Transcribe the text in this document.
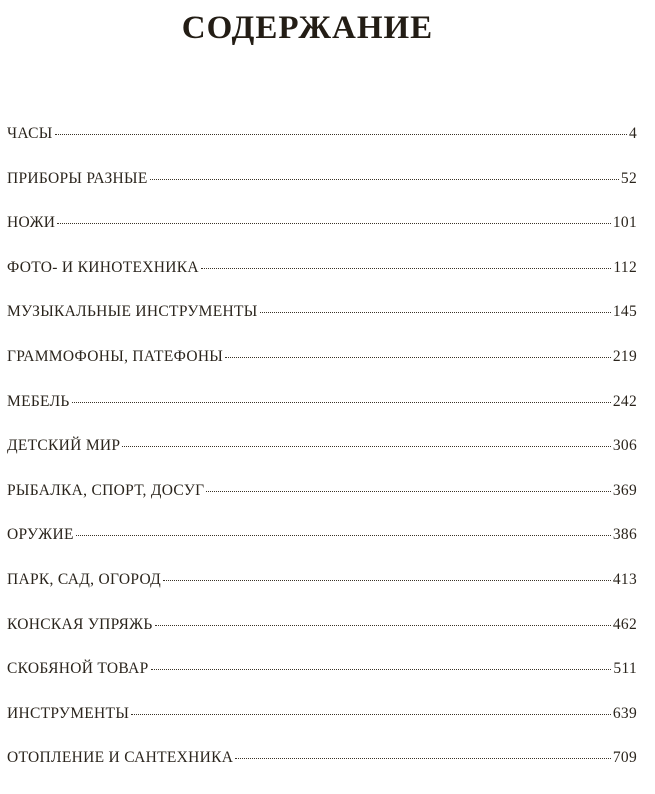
СОДЕРЖАНИЕ
ЧАСЫ	4
ПРИБОРЫ РАЗНЫЕ	52
НОЖИ	101
ФОТО- И КИНОТЕХНИКА	112
МУЗЫКАЛЬНЫЕ ИНСТРУМЕНТЫ	145
ГРАММОФОНЫ, ПАТЕФОНЫ	219
МЕБЕЛЬ	242
ДЕТСКИЙ МИР	306
РЫБАЛКА, СПОРТ, ДОСУГ	369
ОРУЖИЕ	386
ПАРК, САД, ОГОРОД	413
КОНСКАЯ УПРЯЖЬ	462
СКОБЯНОЙ ТОВАР	511
ИНСТРУМЕНТЫ	639
ОТОПЛЕНИЕ И САНТЕХНИКА	709
